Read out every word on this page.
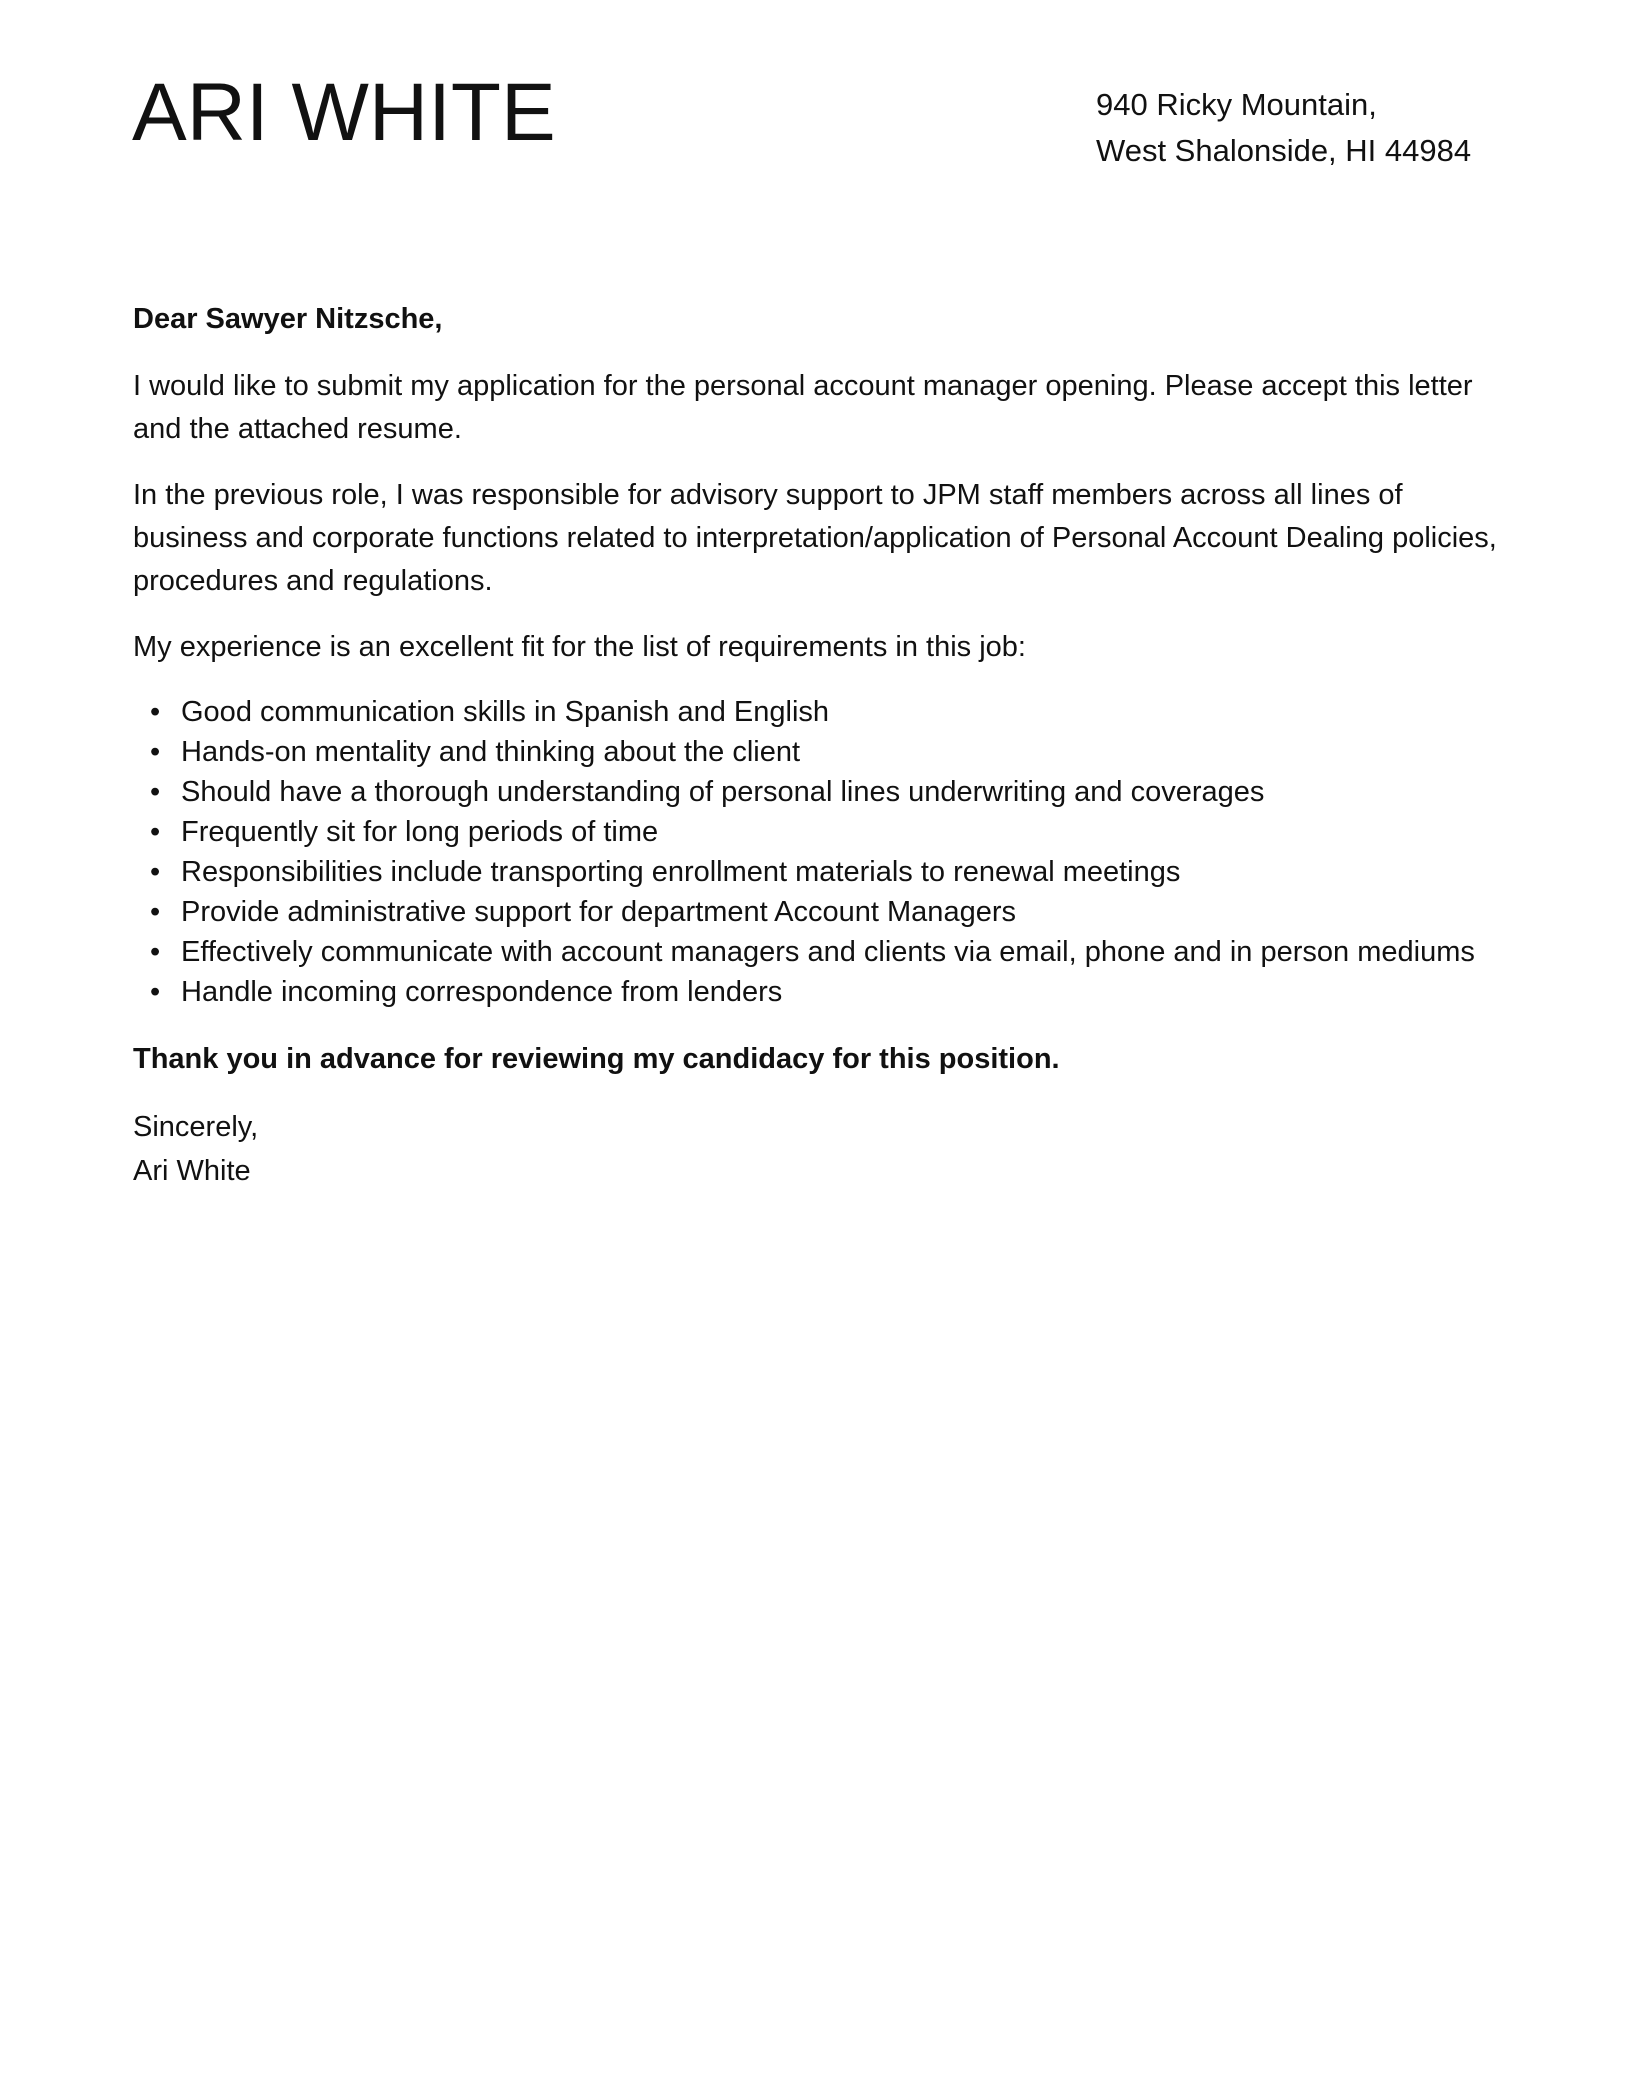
ARI WHITE	940 Ricky Mountain,
West Shalonside, HI 44984

Dear Sawyer Nitzsche,

I would like to submit my application for the personal account manager opening. Please accept this letter and the attached resume.

In the previous role, I was responsible for advisory support to JPM staff members across all lines of business and corporate functions related to interpretation/application of Personal Account Dealing policies, procedures and regulations.

My experience is an excellent fit for the list of requirements in this job:

• Good communication skills in Spanish and English
• Hands-on mentality and thinking about the client
• Should have a thorough understanding of personal lines underwriting and coverages
• Frequently sit for long periods of time
• Responsibilities include transporting enrollment materials to renewal meetings
• Provide administrative support for department Account Managers
• Effectively communicate with account managers and clients via email, phone and in person mediums
• Handle incoming correspondence from lenders

Thank you in advance for reviewing my candidacy for this position.

Sincerely,
Ari White
